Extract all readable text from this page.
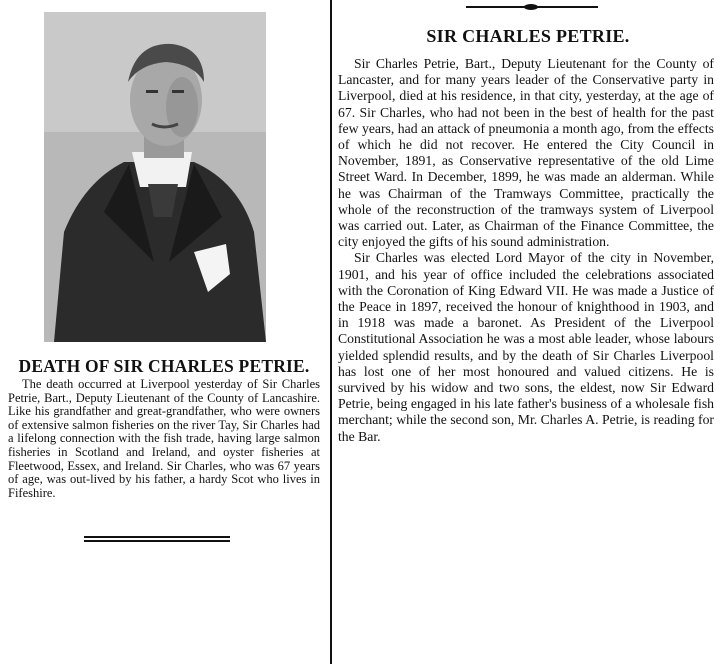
DEATH OF SIR CHARLES PETRIE.
The death occurred at Liverpool yesterday of Sir Charles Petrie, Bart., Deputy Lieutenant of the County of Lancashire. Like his grandfather and great-grandfather, who were owners of extensive salmon fisheries on the river Tay, Sir Charles had a lifelong connection with the fish trade, having large salmon fisheries in Scotland and Ireland, and oyster fisheries at Fleetwood, Essex, and Ireland. Sir Charles, who was 67 years of age, was out-lived by his father, a hardy Scot who lives in Fifeshire.
SIR CHARLES PETRIE.

Sir Charles Petrie, Bart., Deputy Lieutenant for the County of Lancaster, and for many years leader of the Conservative party in Liverpool, died at his residence, in that city, yesterday, at the age of 67. Sir Charles, who had not been in the best of health for the past few years, had an attack of pneumonia a month ago, from the effects of which he did not recover. He entered the City Council in November, 1891, as Conservative representative of the old Lime Street Ward. In December, 1899, he was made an alderman. While he was Chairman of the Tramways Committee, practically the whole of the reconstruction of the tramways system of Liverpool was carried out. Later, as Chairman of the Finance Committee, the city enjoyed the gifts of his sound administration.

Sir Charles was elected Lord Mayor of the city in November, 1901, and his year of office included the celebrations associated with the Coronation of King Edward VII. He was made a Justice of the Peace in 1897, received the honour of knighthood in 1903, and in 1918 was made a baronet. As President of the Liverpool Constitutional Association he was a most able leader, whose labours yielded splendid results, and by the death of Sir Charles Liverpool has lost one of her most honoured and valued citizens. He is survived by his widow and two sons, the eldest, now Sir Edward Petrie, being engaged in his late father's business of a wholesale fish merchant; while the second son, Mr. Charles A. Petrie, is reading for the Bar.
